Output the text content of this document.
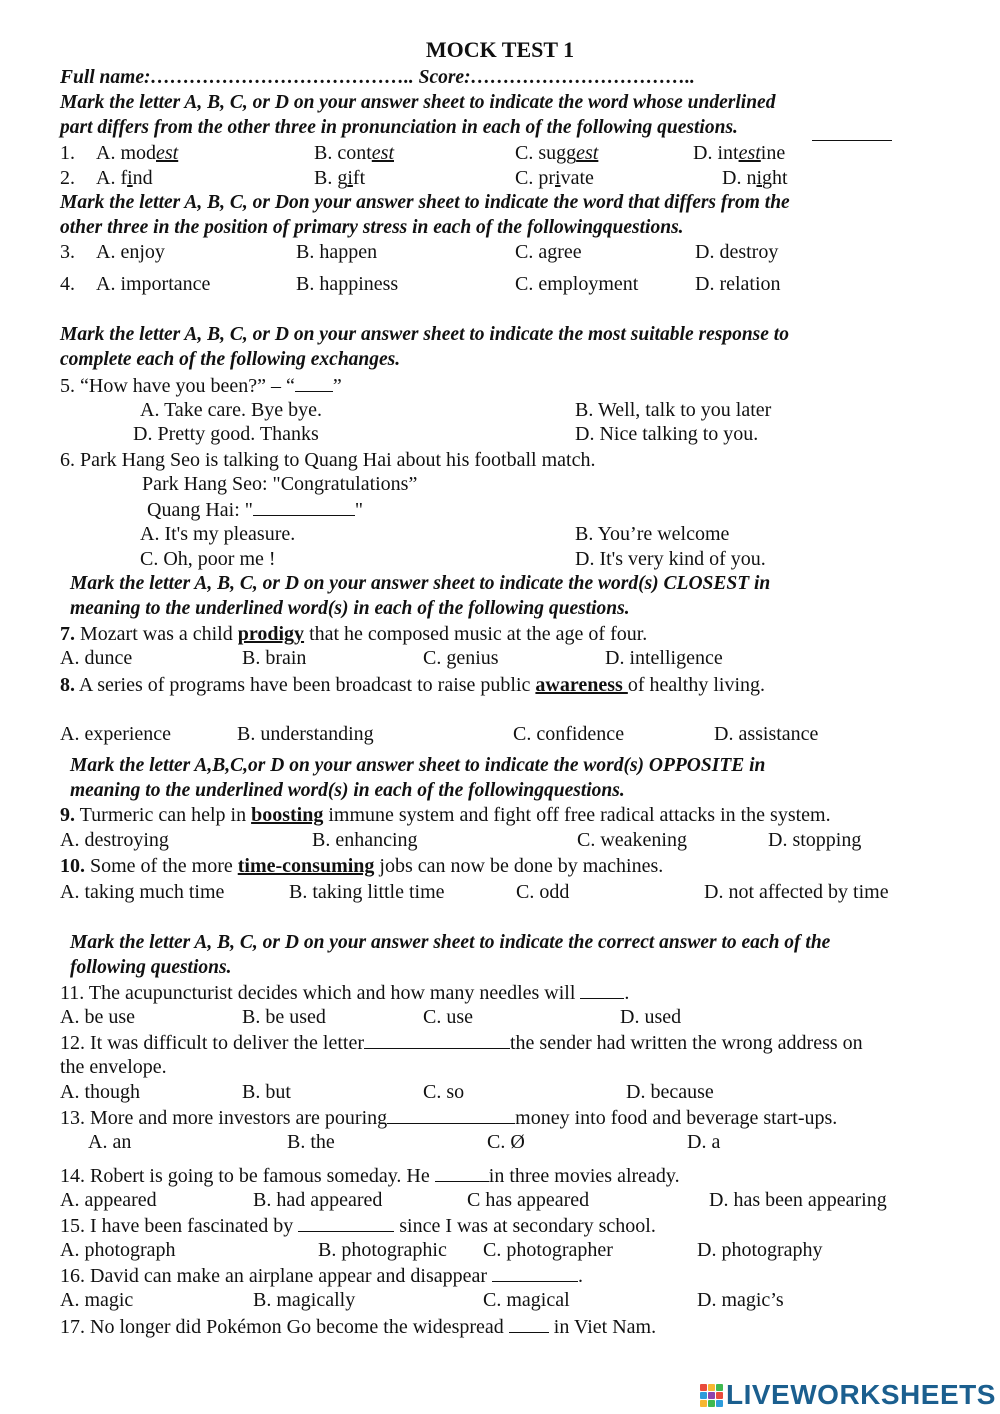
MOCK TEST 1
Full name:………………………………….. Score:……………………………..
Mark the letter A, B, C, or D on your answer sheet to indicate the word whose underlined
part differs from the other three in pronunciation in each of the following questions.
1. A. modest	B. contest	C. suggest	D. intestine
2. A. find	B. gift	C. private	D. night
Mark the letter A, B, C, or Don your answer sheet to indicate the word that differs from the
other three in the position of primary stress in each of the followingquestions.
3. A. enjoy	B. happen	C. agree	D. destroy
4. A. importance	B. happiness	C. employment	D. relation
Mark the letter A, B, C, or D on your answer sheet to indicate the most suitable response to
complete each of the following exchanges.
5. “How have you been?” – “ ”
A. Take care. Bye bye.	B. Well, talk to you later
D. Pretty good. Thanks	D. Nice talking to you.
6. Park Hang Seo is talking to Quang Hai about his football match.
Park Hang Seo: "Congratulations”
Quang Hai: "	"
A. It's my pleasure.	B. You’re welcome
C. Oh, poor me !	D. It's very kind of you.
Mark the letter A, B, C, or D on your answer sheet to indicate the word(s) CLOSEST in
meaning to the underlined word(s) in each of the following questions.
7. Mozart was a child prodigy that he composed music at the age of four.
A. dunce	B. brain	C. genius	D. intelligence
8. A series of programs have been broadcast to raise public awareness of healthy living.
A. experience	B. understanding	C. confidence	D. assistance
Mark the letter A,B,C,or D on your answer sheet to indicate the word(s) OPPOSITE in
meaning to the underlined word(s) in each of the followingquestions.
9. Turmeric can help in boosting immune system and fight off free radical attacks in the system.
A. destroying	B. enhancing	C. weakening	D. stopping
10. Some of the more time-consuming jobs can now be done by machines.
A. taking much time	B. taking little time	C. odd	D. not affected by time
Mark the letter A, B, C, or D on your answer sheet to indicate the correct answer to each of the
following questions.
11. The acupuncturist decides which and how many needles will .
A. be use	B. be used	C. use	D. used
12. It was difficult to deliver the letter	the sender had written the wrong address on
the envelope.
A. though	B. but	C. so	D. because
13. More and more investors are pouring	money into food and beverage start-ups.
A. an	B. the	C. Ø	D. a
14. Robert is going to be famous someday. He	in three movies already.
A. appeared	B. had appeared	C has appeared	D. has been appearing
15. I have been fascinated by	since I was at secondary school.
A. photograph	B. photographic C. photographer	D. photography
16. David can make an airplane appear and disappear	.
A. magic	B. magically	C. magical	D. magic’s
17. No longer did Pokémon Go become the widespread  in Viet Nam.
LIVEWORKSHEETS
